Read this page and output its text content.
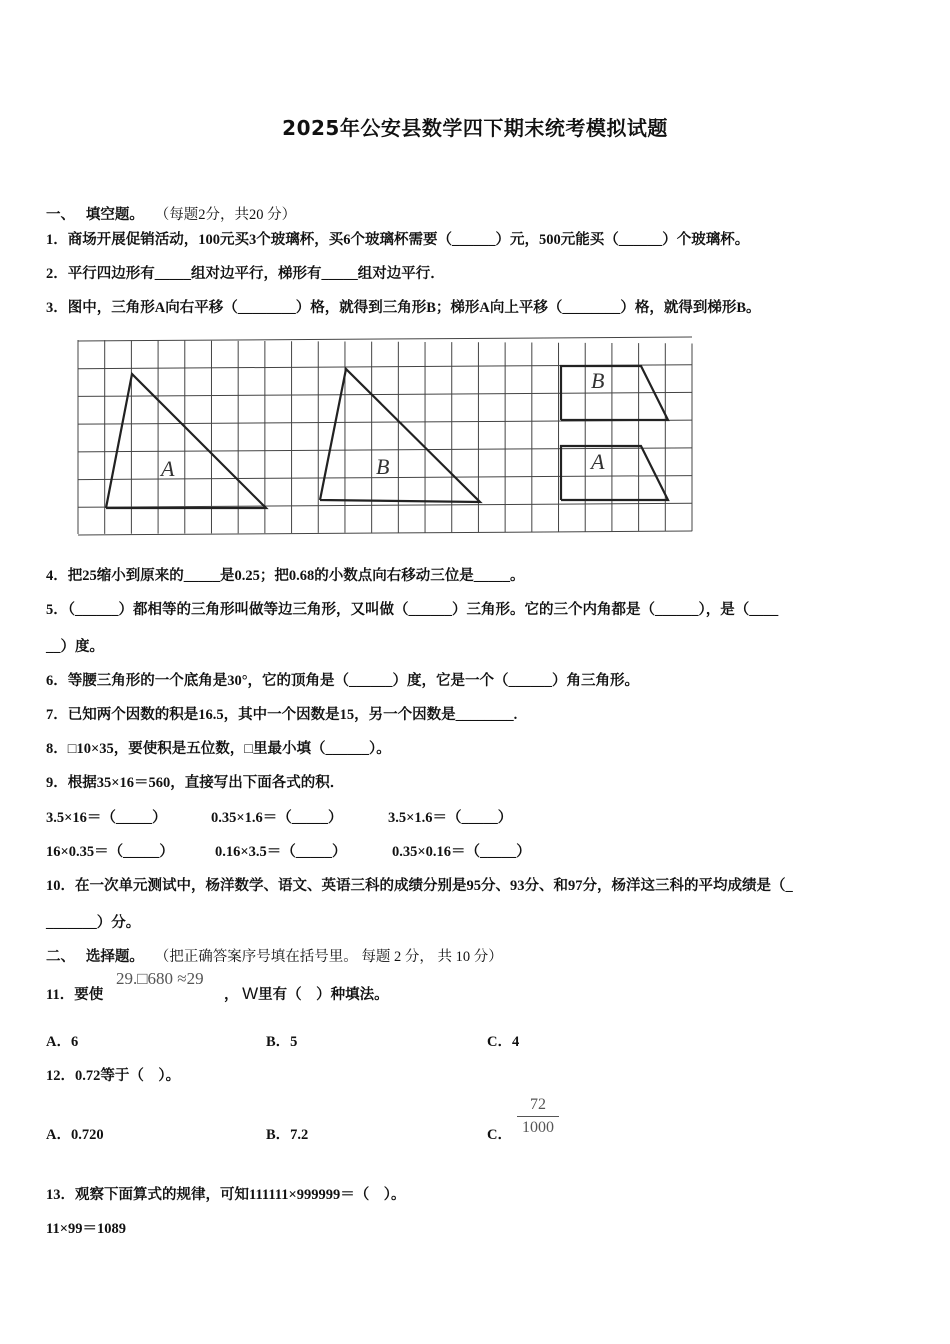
2025年公安县数学四下期末统考模拟试题
一、 填空题。 （每题2分，共20 分）
1．商场开展促销活动，100元买3个玻璃杯，买6个玻璃杯需要（______）元，500元能买（______）个玻璃杯。
2．平行四边形有_____组对边平行，梯形有_____组对边平行．
3．图中，三角形A向右平移（________）格，就得到三角形B；梯形A向上平移（________）格，就得到梯形B。
A	B
B
A
4．把25缩小到原来的_____是0.25；把0.68的小数点向右移动三位是_____。
5．（______）都相等的三角形叫做等边三角形，又叫做（______）三角形。它的三个内角都是（______），是（____
__）度。
6．等腰三角形的一个底角是30°，它的顶角是（______）度，它是一个（______）角三角形。
7．已知两个因数的积是16.5，其中一个因数是15，另一个因数是________.
8．□10×35，要使积是五位数，□里最小填（______）。
9．根据35×16＝560，直接写出下面各式的积．
3.5×16＝（_____）	0.35×1.6＝（_____）	3.5×1.6＝（_____）
16×0.35＝（_____）	0.16×3.5＝（_____）	0.35×0.16＝（_____）
10．在一次单元测试中，杨洋数学、语文、英语三科的成绩分别是95分、93分、和97分，杨洋这三科的平均成绩是（_
_______）分。
二、 选择题。 （把正确答案序号填在括号里。 每题 2 分， 共 10 分）
11．要使
29.□680 ≈29
， W里有（　）种填法。
A．6	B．5	C．4
12．0.72等于（　）。
A．0.720	B．7.2	C．
72
1000
13．观察下面算式的规律，可知111111×999999＝（　）。
11×99＝1089
